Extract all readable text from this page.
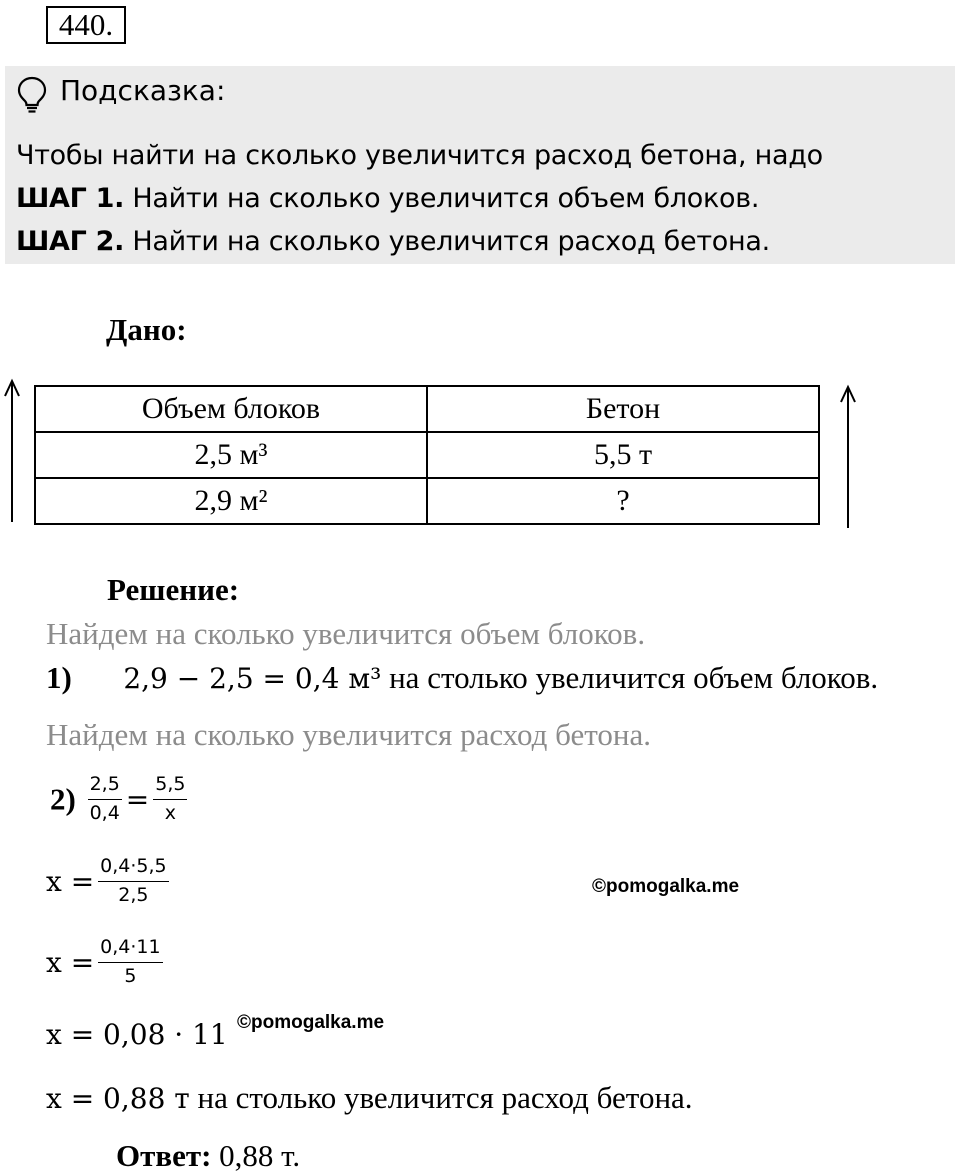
440.
Подсказка:
Чтобы найти на сколько увеличится расход бетона, надо
ШАГ 1. Найти на сколько увеличится объем блоков.
ШАГ 2. Найти на сколько увеличится расход бетона.
Дано:
Объем блоков	Бетон
2,5 м³	5,5 т
2,9 м²	?
Решение:
Найдем на сколько увеличится объем блоков.
1) 2,9 − 2,5 = 0,4 м³ на столько увеличится объем блоков.
Найдем на сколько увеличится расход бетона.
$2) \frac{2,5}{0,4} = \frac{5,5}{x}$
$x = \frac{0,4\cdot 5,5}{2,5}$
$x = \frac{0,4\cdot 11}{5}$
x = 0,08 · 11 ©pomogalka.me
©pomogalka.me
x = 0,88 т на столько увеличится расход бетона.
Ответ: 0,88 т.
